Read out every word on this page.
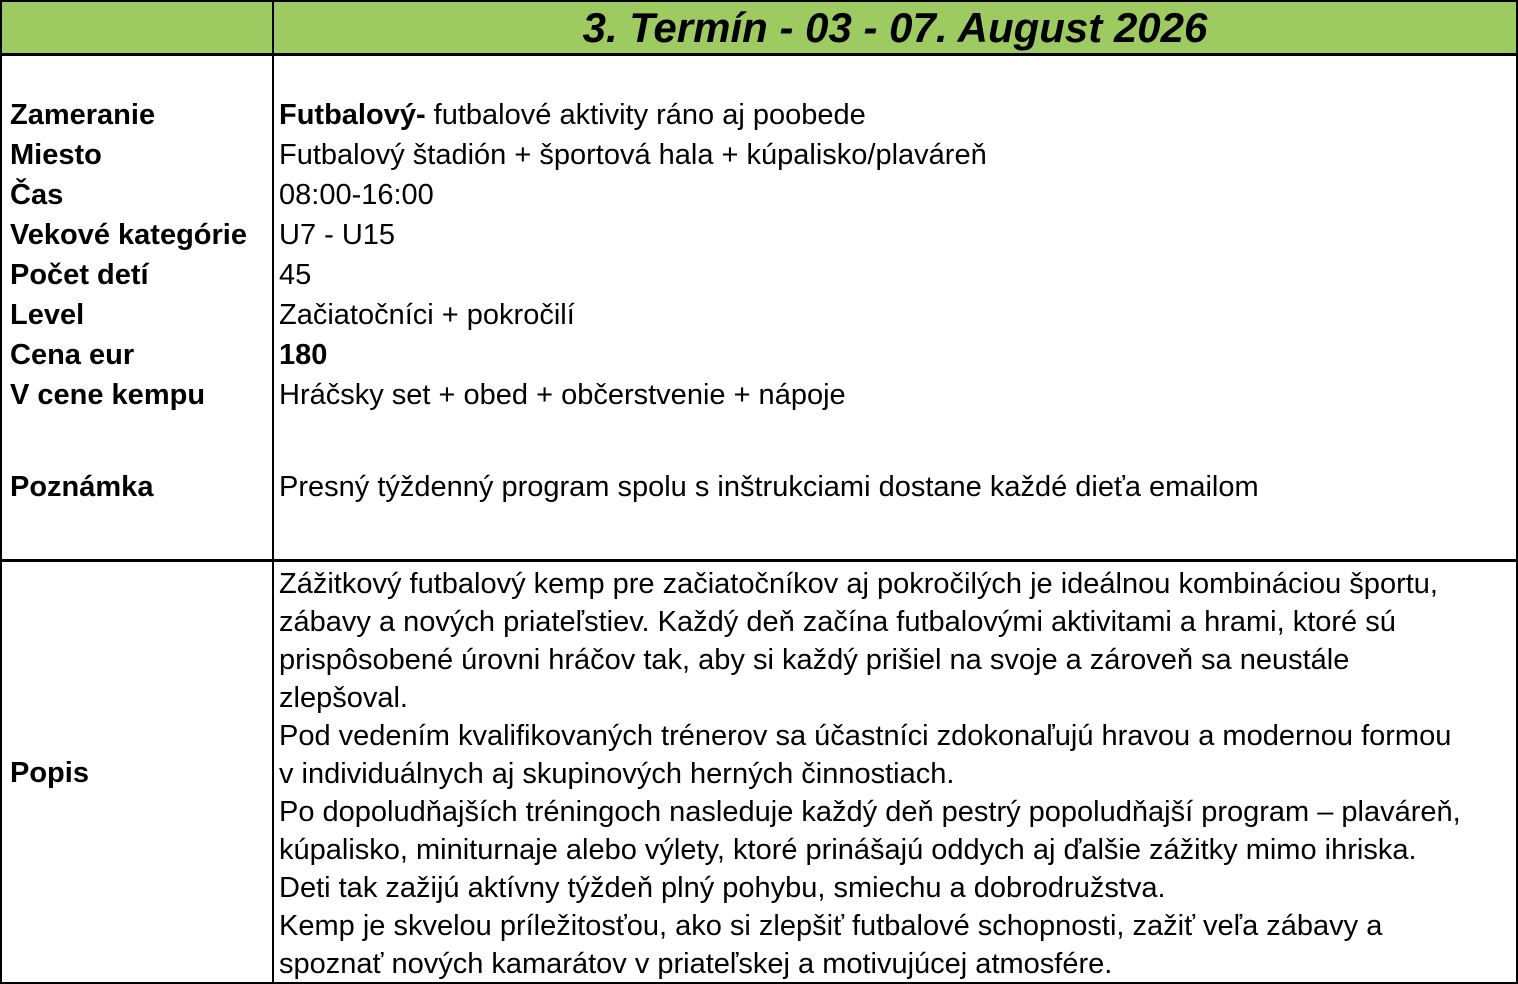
3. Termín - 03 - 07. August 2026
Zameranie
Miesto
Čas
Vekové kategórie
Počet detí
Level
Cena eur
V cene kempu
Poznámka
Futbalový- futbalové aktivity ráno aj poobede
Futbalový štadión + športová hala + kúpalisko/plaváreň
08:00-16:00
U7 - U15
45
Začiatočníci + pokročilí
180
Hráčsky set + obed + občerstvenie + nápoje
Presný týždenný program spolu s inštrukciami dostane každé dieťa emailom
Popis
Zážitkový futbalový kemp pre začiatočníkov aj pokročilých je ideálnou kombináciou športu,
zábavy a nových priateľstiev. Každý deň začína futbalovými aktivitami a hrami, ktoré sú
prispôsobené úrovni hráčov tak, aby si každý prišiel na svoje a zároveň sa neustále
zlepšoval.
Pod vedením kvalifikovaných trénerov sa účastníci zdokonaľujú hravou a modernou formou
v individuálnych aj skupinových herných činnostiach.
Po dopoludňajších tréningoch nasleduje každý deň pestrý popoludňajší program – plaváreň,
kúpalisko, miniturnaje alebo výlety, ktoré prinášajú oddych aj ďalšie zážitky mimo ihriska.
Deti tak zažijú aktívny týždeň plný pohybu, smiechu a dobrodružstva.
Kemp je skvelou príležitosťou, ako si zlepšiť futbalové schopnosti, zažiť veľa zábavy a
spoznať nových kamarátov v priateľskej a motivujúcej atmosfére.
